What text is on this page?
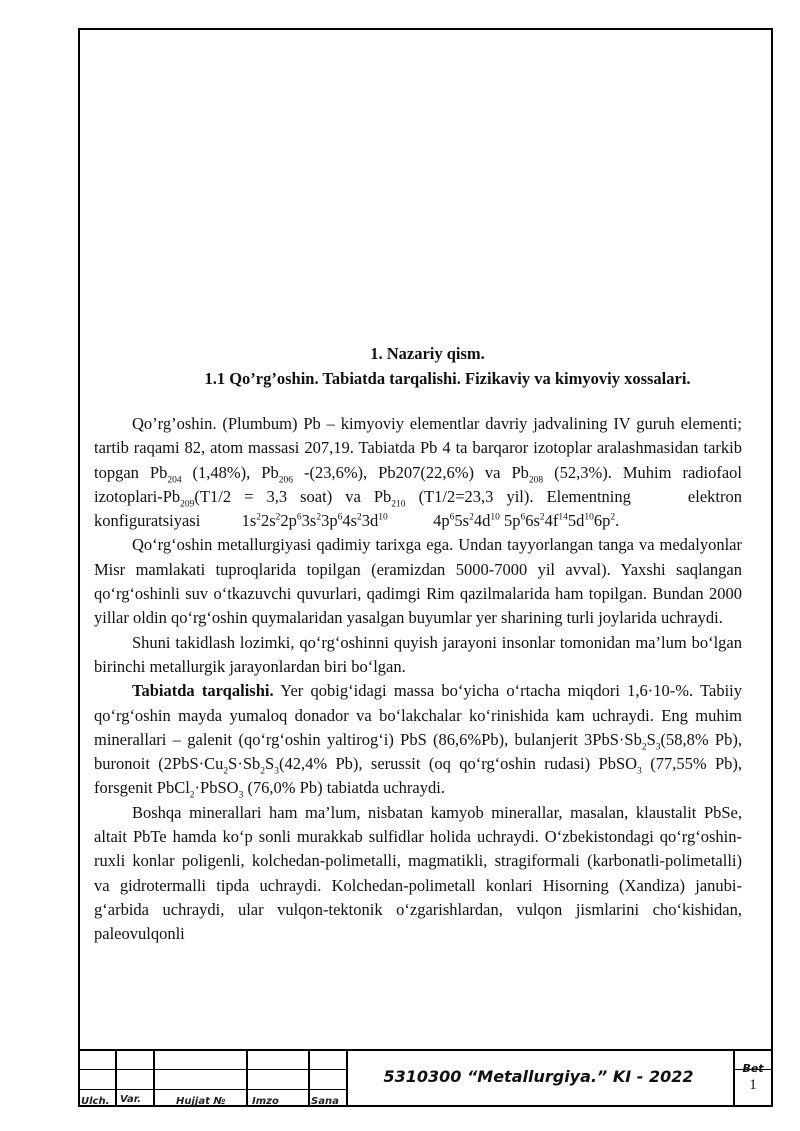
1. Nazariy qism.
1.1 Qo’rg’oshin. Tabiatda tarqalishi. Fizikaviy va kimyoviy xossalari.

Qo’rg’oshin. (Plumbum) Pb – kimyoviy elementlar davriy jadvalining IV guruh elementi; tartib raqami 82, atom massasi 207,19. Tabiatda Pb 4 ta barqaror izotoplar aralashmasidan tarkib topgan $Pb_{204}$ (1,48%), $Pb_{206}$ -(23,6%), Pb207(22,6%) va $Pb_{208}$ (52,3%). Muhim radiofaol izotoplari-$Pb_{209}(T1/2 = 3,3$ soat) va $Pb_{210}$ (T1/2=23,3 yil). Elementning elektron konfiguratsiyasi          $1s^22s^22p^63s^23p^64s^23d^{10}$           $4p^65s^24d^{10}$ $5p^66s^24f^{14}5d^{10}6p^2$.

Qo‘rg‘oshin metallurgiyasi qadimiy tarixga ega. Undan tayyorlangan tanga va medalyonlar Misr mamlakati tuproqlarida topilgan (eramizdan 5000-7000 yil avval). Yaxshi saqlangan qo‘rg‘oshinli suv o‘tkazuvchi quvurlari, qadimgi Rim qazilmalarida ham topilgan. Bundan 2000 yillar oldin qo‘rg‘oshin quymalaridan yasalgan buyumlar yer sharining turli joylarida uchraydi.

Shuni takidlash lozimki, qo‘rg‘oshinni quyish jarayoni insonlar tomonidan ma’lum bo‘lgan birinchi metallurgik jarayonlardan biri bo‘lgan.

Tabiatda tarqalishi. Yer qobig‘idagi massa bo‘yicha o‘rtacha miqdori 1,6·10-%. Tabiiy qo‘rg‘oshin mayda yumaloq donador va bo‘lakchalar ko‘rinishida kam uchraydi. Eng muhim minerallari – galenit (qo‘rg‘oshin yaltirog‘i) PbS (86,6%Pb), bulanjerit $3PbS\cdot Sb_2S_3(58,8\%$ Pb), buronoit ($2PbS\cdot Cu_2S\cdot Sb_2S_3(42,4\%$ Pb), serussit (oq qo‘rg‘oshin rudasi) PbSO$_3$ (77,55% Pb), forsgenit PbCl$_2$·PbSO$_3$ (76,0% Pb) tabiatda uchraydi.

Boshqa minerallari ham ma’lum, nisbatan kamyob minerallar, masalan, klaustalit PbSe, altait PbTe hamda ko‘p sonli murakkab sulfidlar holida uchraydi. O‘zbekistondagi qo‘rg‘oshin-ruxli konlar poligenli, kolchedan-polimetalli, magmatikli, stragiformali (karbonatli-polimetalli) va gidrotermalli tipda uchraydi. Kolchedan-polimetall konlari Hisorning (Xandiza) janubi-g‘arbida uchraydi, ular vulqon-tektonik o‘zgarishlardan, vulqon jismlarini cho‘kishidan, paleovulqonli

Ulch. Var.	Hujjat №	Imzo	Sana
5310300 “Metallurgiya.” KI - 2022	Bet
1
